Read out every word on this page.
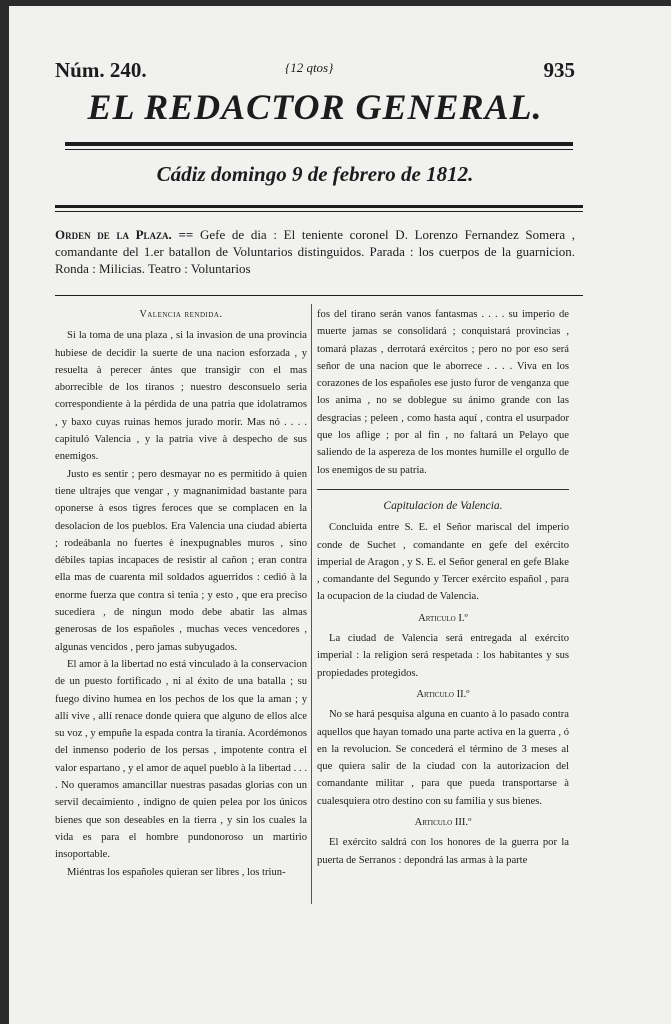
Núm. 240.	{12 qtos}	935
EL REDACTOR GENERAL.
Cádiz domingo 9 de febrero de 1812.
Orden de la Plaza. == Gefe de dia : El teniente coronel D. Lorenzo Fernandez Somera , comandante del 1.er batallon de Voluntarios distinguidos. Parada : los cuerpos de la guarnicion. Ronda : Milicias. Teatro : Voluntarios
Valencia rendida.

Si la toma de una plaza , si la invasion de una provincia hubiese de decidir la suerte de una nacion esforzada , y resuelta à perecer ántes que transigir con el mas aborrecible de los tiranos ; nuestro desconsuelo seria correspondiente à la pérdida de una patria que idolatramos , y baxo cuyas ruinas hemos jurado morir. Mas nó . . . . capituló Valencia , y la patria vive à despecho de sus enemigos.

Justo es sentir ; pero desmayar no es permitido à quien tiene ultrajes que vengar , y magnanimidad bastante para oponerse à esos tigres feroces que se complacen en la desolacion de los pueblos. Era Valencia una ciudad abierta ; rodeábanla no fuertes è inexpugnables muros , sino débiles tapias incapaces de resistir al cañon ; eran contra ella mas de cuarenta mil soldados aguerridos : cedió à la enorme fuerza que contra si tenia ; y esto , que era preciso sucediera , de ningun modo debe abatir las almas generosas de los españoles , muchas veces vencedores , algunas vencidos , pero jamas subyugados.

El amor à la libertad no está vinculado à la conservacion de un puesto fortificado , ni al éxito de una batalla ; su fuego divino humea en los pechos de los que la aman ; y allí vive , allí renace donde quiera que alguno de ellos alce su voz , y empuñe la espada contra la tiranía. Acordémonos del inmenso poderio de los persas , impotente contra el valor espartano , y el amor de aquel pueblo à la libertad . . . . No queramos amancillar nuestras pasadas glorias con un servil decaimiento , indigno de quien pelea por los únicos bienes que son deseables en la tierra , y sin los cuales la vida es para el hombre pundonoroso un martirio insoportable.

Miéntras los españoles quieran ser libres , los triun-

fos del tirano serán vanos fantasmas . . . . su imperio de muerte jamas se consolidará ; conquistará provincias , tomará plazas , derrotará exércitos ; pero no por eso será señor de una nacion que le aborrece . . . . Viva en los corazones de los españoles ese justo furor de venganza que los anima , no se doblegue su ánimo grande con las desgracias ; peleen , como hasta aquí , contra el usurpador que los aflige ; por al fin , no faltará un Pelayo que saliendo de la aspereza de los montes humille el orgullo de los enemigos de su patria.

Capitulacion de Valencia.

Concluida entre S. E. el Señor mariscal del imperio conde de Suchet , comandante en gefe del exército imperial de Aragon , y S. E. el Señor general en gefe Blake , comandante del Segundo y Tercer exército español , para la ocupacion de la ciudad de Valencia.

Articulo I.º

La ciudad de Valencia será entregada al exército imperial : la religion será respetada : los habitantes y sus propiedades protegidos.

Articulo II.º

No se hará pesquisa alguna en cuanto à lo pasado contra aquellos que hayan tomado una parte activa en la guerra , ó en la revolucion. Se concederá el término de 3 meses al que quiera salir de la ciudad con la autorizacion del comandante militar , para que pueda transportarse à cualesquiera otro destino con su familia y sus bienes.

Articulo III.º

El exército saldrá con los honores de la guerra por la puerta de Serranos : depondrá las armas à la parte
